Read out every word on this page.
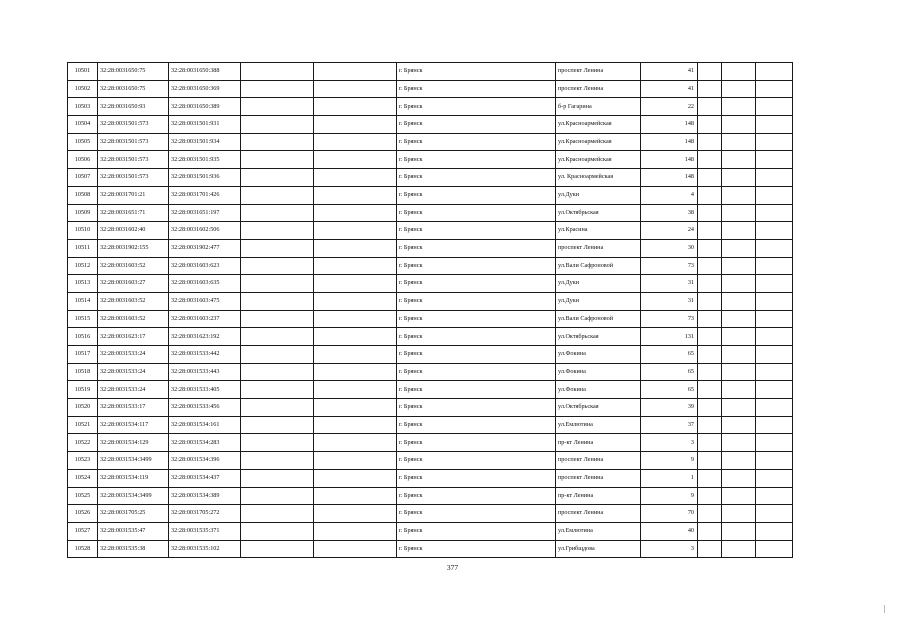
10501	32:28:0031650:75	32:28:0031650:388			г. Брянск	проспект Ленина	41			
10502	32:28:0031650:75	32:28:0031650:369			г. Брянск	проспект Ленина	41			
10503	32:28:0031650:93	32:28:0031650:389			г. Брянск	б-р Гагарина	22			
10504	32:28:0031501:573	32:28:0031501:931			г. Брянск	ул.Красноармейская	148			
10505	32:28:0031501:573	32:28:0031501:934			г. Брянск	ул.Красноармейская	148			
10506	32:28:0031501:573	32:28:0031501:935			г. Брянск	ул.Красноармейская	148			
10507	32:28:0031501:573	32:28:0031501:936			г. Брянск	ул. Красноармейская	148			
10508	32:28:0031701:21	32:28:0031701:426			г. Брянск	ул.Дуки	4			
10509	32:28:0031651:71	32:28:0031651:197			г. Брянск	ул.Октябрьская	38			
10510	32:28:0031602:40	32:28:0031602:506			г. Брянск	ул.Красина	24			
10511	32:28:0031902:155	32:28:0031902:477			г. Брянск	проспект Ленина	30			
10512	32:28:0031603:52	32:28:0031603:623			г. Брянск	ул.Вали Сафроновой	73			
10513	32:28:0031603:27	32:28:0031603:635			г. Брянск	ул.Дуки	31			
10514	32:28:0031603:52	32:28:0031603:475			г. Брянск	ул.Дуки	31			
10515	32:28:0031603:52	32:28:0031603:237			г. Брянск	ул.Вали Сафроновой	73			
10516	32:28:0031623:17	32:28:0031623:192			г. Брянск	ул.Октябрьская	131			
10517	32:28:0031533:24	32:28:0031533:442			г. Брянск	ул.Фокина	65			
10518	32:28:0031533:24	32:28:0031533:443			г. Брянск	ул.Фокина	65			
10519	32:28:0031533:24	32:28:0031533:405			г. Брянск	ул.Фокина	65			
10520	32:28:0031533:17	32:28:0031533:456			г. Брянск	ул.Октябрьская	39			
10521	32:28:0031534:117	32:28:0031534:161			г. Брянск	ул.Емлютина	37			
10522	32:28:0031534:129	32:28:0031534:283			г. Брянск	пр-кт Ленина	3			
10523	32:28:0031534:3499	32:28:0031534:396			г. Брянск	проспект Ленина	9			
10524	32:28:0031534:119	32:28:0031534:437			г. Брянск	проспект Ленина	1			
10525	32:28:0031534:3499	32:28:0031534:389			г. Брянск	пр-кт Ленина	9			
10526	32:28:0031705:25	32:28:0031705:272			г. Брянск	проспект Ленина	70			
10527	32:28:0031535:47	32:28:0031535:371			г. Брянск	ул.Емлютина	40			
10528	32:28:0031535:38	32:28:0031535:102			г. Брянск	ул.Грибщдова	3			
377
